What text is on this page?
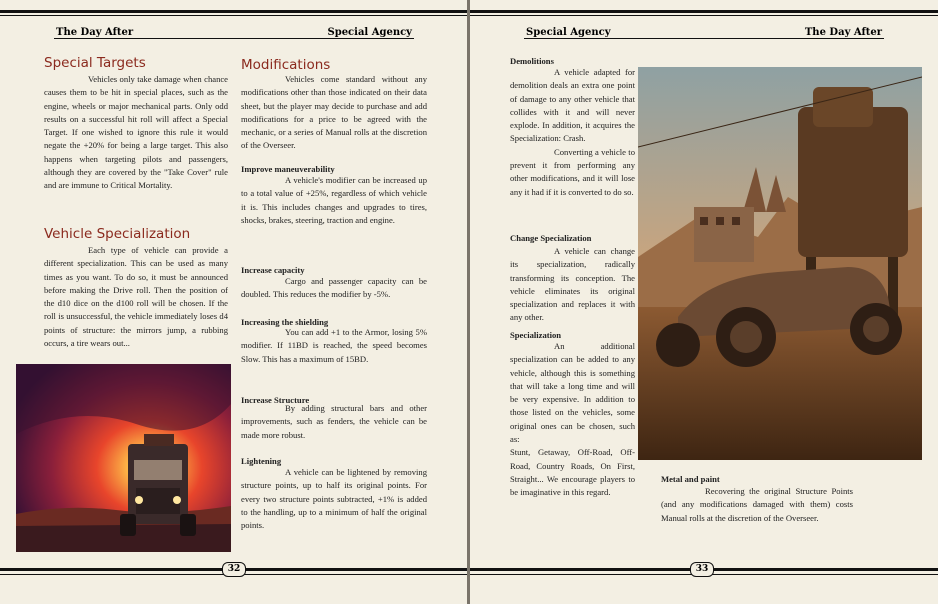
The Day After	Special Agency
Special Targets

Vehicles only take damage when chance causes them to be hit in special places, such as the engine, wheels or major mechanical parts. Only odd results on a successful hit roll will affect a Special Target. If one wished to ignore this rule it would negate the +20% for being a large target. This also happens when targeting pilots and passengers, although they are covered by the "Take Cover" rule and are immune to Critical Mortality.

Vehicle Specialization

Each type of vehicle can provide a different specialization. This can be used as many times as you want. To do so, it must be announced before making the Drive roll. Then the position of the d10 dice on the d100 roll will be chosen. If the roll is unsuccessful, the vehicle immediately loses d4 points of structure: the mirrors jump, a rubbing occurs, a tire wears out...

Modifications

Vehicles come standard without any modifications other than those indicated on their data sheet, but the player may decide to purchase and add modifications for a price to be agreed with the mechanic, or a series of Manual rolls at the discretion of the Overseer.

Improve maneuverability

A vehicle's modifier can be increased up to a total value of +25%, regardless of which vehicle it is. This includes changes and upgrades to tires, shocks, brakes, steering, traction and engine.

Increase capacity

Cargo and passenger capacity can be doubled. This reduces the modifier by -5%.

Increasing the shielding

You can add +1 to the Armor, losing 5% modifier. If 11BD is reached, the speed becomes Slow. This has a maximum of 15BD.

Increase Structure

By adding structural bars and other improvements, such as fenders, the vehicle can be made more robust.

Lightening

A vehicle can be lightened by removing structure points, up to half its original points. For every two structure points subtracted, +1% is added to the handling, up to a minimum of half the original points.

32
Special Agency	The Day After
Demolitions

A vehicle adapted for demolition deals an extra one point of damage to any other vehicle that collides with it and will never explode. In addition, it acquires the Specialization: Crash.

Converting a vehicle to prevent it from performing any other modifications, and it will lose any it had if it is converted to do so.

Change Specialization

A vehicle can change its specialization, radically transforming its conception. The vehicle eliminates its original specialization and replaces it with any other.

Specialization

An additional specialization can be added to any vehicle, although this is something that will take a long time and will be very expensive. In addition to those listed on the vehicles, some original ones can be chosen, such as:

Stunt, Getaway, Off-Road, Off-Road, Country Roads, On First, Straight... We encourage players to be imaginative in this regard.

Metal and paint

Recovering the original Structure Points (and any modifications damaged with them) costs Manual rolls at the discretion of the Overseer.

33
